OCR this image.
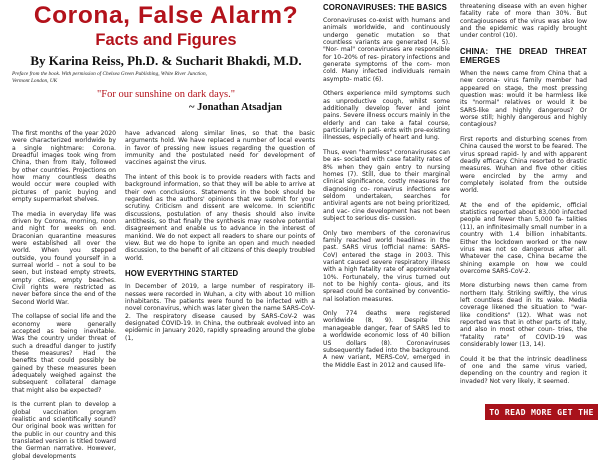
Corona, False Alarm?
Facts and Figures

By Karina Reiss, Ph.D. & Sucharit Bhakdi, M.D.

Preface from the book. With permission of Chelsea Green Publishing, White River Junction, Vermont London, UK

"For our sunshine on dark days."

~ Jonathan Atsadjan

The first months of the year 2020 were characterized worldwide by a single nightmare: Corona. Dreadful images took wing from China, then from Italy, followed by other countries. Projections on how many countless deaths would occur were coupled with pictures of panic buying and empty supermarket shelves.

The media in everyday life was driven by Corona, morning, noon and night for weeks on end. Draconian quarantine measures were established all over the world. When you stepped outside, you found yourself in a surreal world – not a soul to be seen, but instead empty streets, empty cities, empty beaches. Civil rights were restricted as never before since the end of the Second World War.

The collapse of social life and the economy were generally accepted as being inevitable. Was the country under threat of such a dreadful danger to justify these measures? Had the benefits that could possibly be gained by these measures been adequately weighed against the subsequent collateral damage that might also be expected?

Is the current plan to develop a global vaccination program realistic and scientifically sound? Our original book was written for the public in our country and this translated version is titled toward the German narrative. However, global developments

have advanced along similar lines, so that the basic arguments hold. We have replaced a number of local events in favor of pressing new issues regarding the question of immunity and the postulated need for development of vaccines against the virus.

The intent of this book is to provide readers with facts and background information, so that they will be able to arrive at their own conclusions. Statements in the book should be regarded as the authors' opinions that we submit for your scrutiny. Criticism and dissent are welcome. In scientific discussions, postulation of any thesis should also invite antithesis, so that finally the synthesis may resolve potential disagreement and enable us to advance in the interest of mankind. We do not expect all readers to share our points of view. But we do hope to ignite an open and much needed discussion, to the benefit of all citizens of this deeply troubled world.

HOW EVERYTHING STARTED

In December of 2019, a large number of respiratory ill- nesses were recorded in Wuhan, a city with about 10 million inhabitants. The patients were found to be infected with a novel coronavirus, which was later given the name SARS-CoV-2. The respiratory disease caused by SARS-CoV-2 was designated COVID-19. In China, the outbreak evolved into an epidemic in January 2020, rapidly spreading around the globe (1,

CORONAVIRUSES: THE BASICS

Coronaviruses co-exist with humans and animals worldwide, and continuously undergo genetic mutation so that countless variants are generated (4, 5). "Nor- mal" coronaviruses are responsible for 10–20% of res- piratory infections and generate symptoms of the com- mon cold. Many infected individuals remain asympto- matic (6).

Others experience mild symptoms such as unproductive cough, whilst some additionally develop fever and joint pains. Severe illness occurs mainly in the elderly and can take a fatal course, particularly in pati- ents with pre-existing illnesses, especially of heart and lung.

Thus, even "harmless" coronaviruses can be as- sociated with case fatality rates of 8% when they gain entry to nursing homes (7). Still, due to their marginal clinical significance, costly measures for diagnosing co- ronavirus infections are seldom undertaken, searches for antiviral agents are not being prioritized, and vac- cine development has not been subject to serious dis- cussion.

Only two members of the coronavirus family reached world headlines in the past. SARS virus (official name: SARS-CoV) entered the stage in 2003. This variant caused severe respiratory illness with a high fatality rate of approximately 10%. Fortunately, the virus turned out not to be highly conta- gious, and its spread could be contained by conventio- nal isolation measures.

Only 774 deaths were registered worldwide (8, 9). Despite this manageable danger, fear of SARS led to a worldwide economic loss of 40 billion US dollars (8). Coronaviruses subsequently faded into the background. A new variant, MERS-CoV, emerged in the Middle East in 2012 and caused life-

threatening disease with an even higher fatality rate of more than 30%. But contagiousness of the virus was also low and the epidemic was rapidly brought under control (10).

CHINA: THE DREAD THREAT EMERGES

When the news came from China that a new corona- virus family member had appeared on stage, the most pressing question was: would it be harmless like its "normal" relatives or would it be SARS-like and highly dangerous? Or worse still; highly dangerous and highly contagious?

First reports and disturbing scenes from China caused the worst to be feared. The virus spread rapid- ly and with apparent deadly efficacy. China resorted to drastic measures. Wuhan and five other cities were encircled by the army and completely isolated from the outside world.

At the end of the epidemic, official statistics reported about 83,000 infected people and fewer than 5,000 fa- talities (11), an infinitesimally small number in a country with 1.4 billion inhabitants. Either the lockdown worked or the new virus was not so dangerous after all. Whatever the case, China became the shining example on how we could overcome SARS-CoV-2.

More disturbing news then came from northern Italy. Striking swiftly, the virus left countless dead in its wake. Media coverage likened the situation to "war- like conditions" (12). What was not reported was that in other parts of Italy, and also in most other coun- tries, the "fatality rate" of COVID-19 was considerably lower (13, 14).

Could it be that the intrinsic deadliness of one and the same virus varied, depending on the country and region it invaded? Not very likely, it seemed.

TO READ MORE GET THE BOOK
